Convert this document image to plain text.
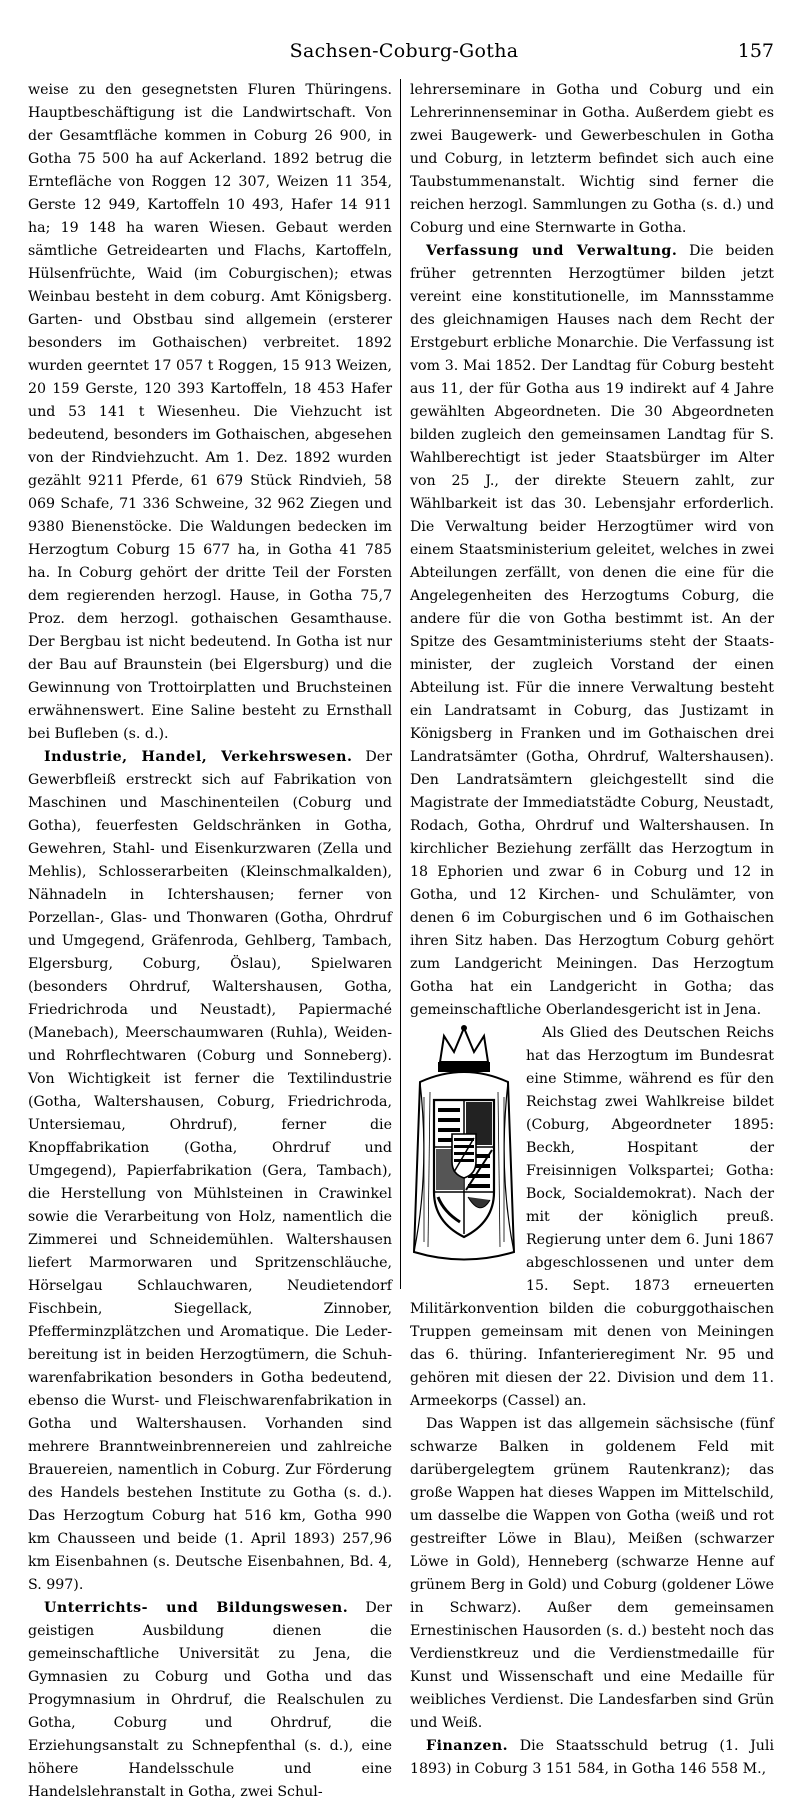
Sachsen-Coburg-Gotha	157

weise zu den gesegnetsten Fluren Thüringens. Hauptbeschäftigung ist die Landwirtschaft. Von der Gesamtfläche kommen in Coburg 26 900, in Gotha 75 500 ha auf Ackerland. 1892 betrug die Erntefläche von Roggen 12 307, Weizen 11 354, Gerste 12 949, Kartoffeln 10 493, Hafer 14 911 ha; 19 148 ha waren Wiesen. Gebaut werden sämtliche Getreidearten und Flachs, Kartoffeln, Hülsenfrüchte, Waid (im Coburgischen); etwas Weinbau besteht in dem coburg. Amt Königsberg. Garten- und Obstbau sind allgemein (ersterer besonders im Gothaischen) verbreitet. 1892 wurden geerntet 17 057 t Roggen, 15 913 Weizen, 20 159 Gerste, 120 393 Kartoffeln, 18 453 Hafer und 53 141 t Wiesenheu. Die Viehzucht ist bedeutend, besonders im Gothaischen, abgesehen von der Rindviehzucht. Am 1. Dez. 1892 wurden gezählt 9211 Pferde, 61 679 Stück Rindvieh, 58 069 Schafe, 71 336 Schweine, 32 962 Ziegen und 9380 Bienenstöcke. Die Waldungen bedecken im Herzogtum Coburg 15 677 ha, in Gotha 41 785 ha. In Coburg gehört der dritte Teil der Forsten dem regierenden herzogl. Hause, in Gotha 75,7 Proz. dem herzogl. gothaischen Gesamthause. Der Bergbau ist nicht bedeutend. In Gotha ist nur der Bau auf Braunstein (bei Elgersburg) und die Gewinnung von Trottoirplatten und Bruchsteinen erwähnenswert. Eine Saline besteht zu Ernsthall bei Bufleben (s. d.).

Industrie, Handel, Verkehrswesen. Der Gewerbfleiß erstreckt sich auf Fabrikation von Maschinen und Maschinenteilen (Coburg und Gotha), feuerfesten Geldschränken in Gotha, Gewehren, Stahl- und Eisenkurzwaren (Zella und Mehlis), Schlosserarbeiten (Kleinschmalkalden), Nähnadeln in Ichtershausen; ferner von Porzellan-, Glas- und Thonwaren (Gotha, Ohrdruf und Umgegend, Gräfenroda, Gehlberg, Tambach, Elgersburg, Coburg, Öslau), Spielwaren (besonders Ohrdruf, Waltershausen, Gotha, Friedrichroda und Neustadt), Papiermaché (Manebach), Meerschaumwaren (Ruhla), Weiden- und Rohrflechtwaren (Coburg und Sonneberg). Von Wichtigkeit ist ferner die Textilindustrie (Gotha, Waltershausen, Coburg, Friedrichroda, Untersiemau, Ohrdruf), ferner die Knopffabrikation (Gotha, Ohrdruf und Umgegend), Papierfabrikation (Gera, Tambach), die Herstellung von Mühlsteinen in Crawinkel sowie die Verarbeitung von Holz, namentlich die Zimmerei und Schneidemühlen. Waltershausen liefert Marmorwaren und Spritzenschläuche, Hörselgau Schlauchwaren, Neudietendorf Fischbein, Siegellack, Zinnober, Pfefferminzplätzchen und Aromatique. Die Lederbereitung ist in beiden Herzogtümern, die Schuhwarenfabrikation besonders in Gotha bedeutend, ebenso die Wurst- und Fleischwarenfabrikation in Gotha und Waltershausen. Vorhanden sind mehrere Branntweinbrennereien und zahlreiche Brauereien, namentlich in Coburg. Zur Förderung des Handels bestehen Institute zu Gotha (s. d.). Das Herzogtum Coburg hat 516 km, Gotha 990 km Chausseen und beide (1. April 1893) 257,96 km Eisenbahnen (s. Deutsche Eisenbahnen, Bd. 4, S. 997).

Unterrichts- und Bildungswesen. Der geistigen Ausbildung dienen die gemeinschaftliche Universität zu Jena, die Gymnasien zu Coburg und Gotha und das Progymnasium in Ohrdruf, die Realschulen zu Gotha, Coburg und Ohrdruf, die Erziehungsanstalt zu Schnepfenthal (s. d.), eine höhere Handelsschule und eine Handelslehranstalt in Gotha, zwei Schul-

lehrerseminare in Gotha und Coburg und ein Lehrerinnenseminar in Gotha. Außerdem giebt es zwei Baugewerk- und Gewerbeschulen in Gotha und Coburg, in letzterm befindet sich auch eine Taubstummenanstalt. Wichtig sind ferner die reichen herzogl. Sammlungen zu Gotha (s. d.) und Coburg und eine Sternwarte in Gotha.

Verfassung und Verwaltung. Die beiden früher getrennten Herzogtümer bilden jetzt vereint eine konstitutionelle, im Mannsstamme des gleichnamigen Hauses nach dem Recht der Erstgeburt erbliche Monarchie. Die Verfassung ist vom 3. Mai 1852. Der Landtag für Coburg besteht aus 11, der für Gotha aus 19 indirekt auf 4 Jahre gewählten Abgeordneten. Die 30 Abgeordneten bilden zugleich den gemeinsamen Landtag für S. Wahlberechtigt ist jeder Staatsbürger im Alter von 25 J., der direkte Steuern zahlt, zur Wählbarkeit ist das 30. Lebensjahr erforderlich. Die Verwaltung beider Herzogtümer wird von einem Staatsministerium geleitet, welches in zwei Abteilungen zerfällt, von denen die eine für die Angelegenheiten des Herzogtums Coburg, die andere für die von Gotha bestimmt ist. An der Spitze des Gesamtministeriums steht der Staatsminister, der zugleich Vorstand der einen Abteilung ist. Für die innere Verwaltung besteht ein Landratsamt in Coburg, das Justizamt in Königsberg in Franken und im Gothaischen drei Landratsämter (Gotha, Ohrdruf, Waltershausen). Den Landratsämtern gleichgestellt sind die Magistrate der Immediatstädte Coburg, Neustadt, Rodach, Gotha, Ohrdruf und Waltershausen. In kirchlicher Beziehung zerfällt das Herzogtum in 18 Ephorien und zwar 6 in Coburg und 12 in Gotha, und 12 Kirchen- und Schulämter, von denen 6 im Coburgischen und 6 im Gothaischen ihren Sitz haben. Das Herzogtum Coburg gehört zum Landgericht Meiningen. Das Herzogtum Gotha hat ein Landgericht in Gotha; das gemeinschaftliche Oberlandesgericht ist in Jena.

Als Glied des Deutschen Reichs hat das Herzogtum im Bundesrat eine Stimme, während es für den Reichstag zwei Wahlkreise bildet (Coburg, Abgeordneter 1895: Beckh, Hospitant der Freisinnigen Volkspartei; Gotha: Bock, Socialdemokrat). Nach der mit der königlich preuß. Regierung unter dem 6. Juni 1867 abgeschlossenen und unter dem 15. Sept. 1873 erneuerten Militärkonvention bilden die coburggothaischen Truppen gemeinsam mit denen von Meiningen das 6. thüring. Infanterieregiment Nr. 95 und gehören mit diesen der 22. Division und dem 11. Armeekorps (Cassel) an.

Das Wappen ist das allgemein sächsische (fünf schwarze Balken in goldenem Feld mit darübergelegtem grünem Rautenkranz); das große Wappen hat dieses Wappen im Mittelschild, um dasselbe die Wappen von Gotha (weiß und rot gestreifter Löwe in Blau), Meißen (schwarzer Löwe in Gold), Henneberg (schwarze Henne auf grünem Berg in Gold) und Coburg (goldener Löwe in Schwarz). Außer dem gemeinsamen Ernestinischen Hausorden (s. d.) besteht noch das Verdienstkreuz und die Verdienstmedaille für Kunst und Wissenschaft und eine Medaille für weibliches Verdienst. Die Landesfarben sind Grün und Weiß.

Finanzen. Die Staatsschuld betrug (1. Juli 1893) in Coburg 3 151 584, in Gotha 146 558 M.,
